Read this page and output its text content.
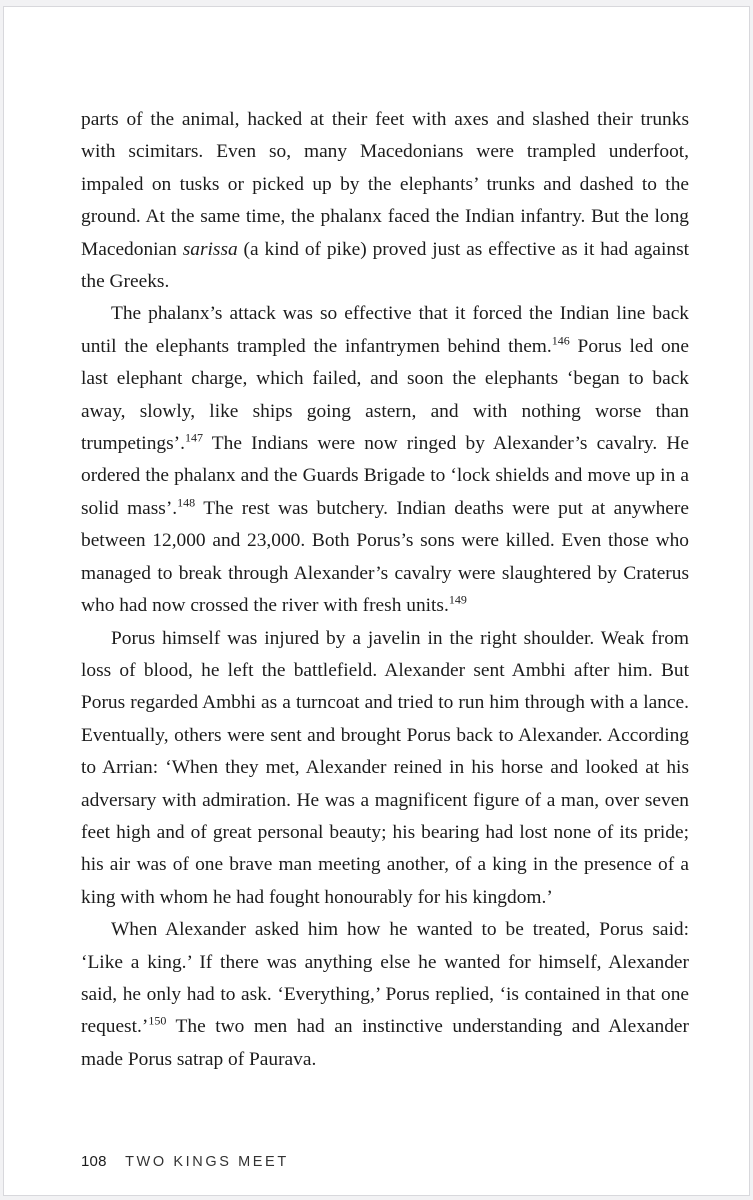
parts of the animal, hacked at their feet with axes and slashed their trunks with scimitars. Even so, many Macedonians were trampled underfoot, impaled on tusks or picked up by the elephants’ trunks and dashed to the ground. At the same time, the phalanx faced the Indian infantry. But the long Macedonian sarissa (a kind of pike) proved just as effective as it had against the Greeks.

The phalanx’s attack was so effective that it forced the Indian line back until the elephants trampled the infantrymen behind them.$^{146}$ Porus led one last elephant charge, which failed, and soon the elephants ‘began to back away, slowly, like ships going astern, and with nothing worse than trumpetings’.$^{147}$ The Indians were now ringed by Alexander’s cavalry. He ordered the phalanx and the Guards Brigade to ‘lock shields and move up in a solid mass’.$^{148}$ The rest was butchery. Indian deaths were put at anywhere between 12,000 and 23,000. Both Porus’s sons were killed. Even those who managed to break through Alexander’s cavalry were slaughtered by Craterus who had now crossed the river with fresh units.$^{149}$

Porus himself was injured by a javelin in the right shoulder. Weak from loss of blood, he left the battlefield. Alexander sent Ambhi after him. But Porus regarded Ambhi as a turncoat and tried to run him through with a lance. Eventually, others were sent and brought Porus back to Alexander. According to Arrian: ‘When they met, Alexander reined in his horse and looked at his adversary with admiration. He was a magnificent figure of a man, over seven feet high and of great personal beauty; his bearing had lost none of its pride; his air was of one brave man meeting another, of a king in the presence of a king with whom he had fought honourably for his kingdom.’

When Alexander asked him how he wanted to be treated, Porus said: ‘Like a king.’ If there was anything else he wanted for himself, Alexander said, he only had to ask. ‘Everything,’ Porus replied, ‘is contained in that one request.’$^{150}$ The two men had an instinctive understanding and Alexander made Porus satrap of Paurava.

108 TWO KINGS MEET
